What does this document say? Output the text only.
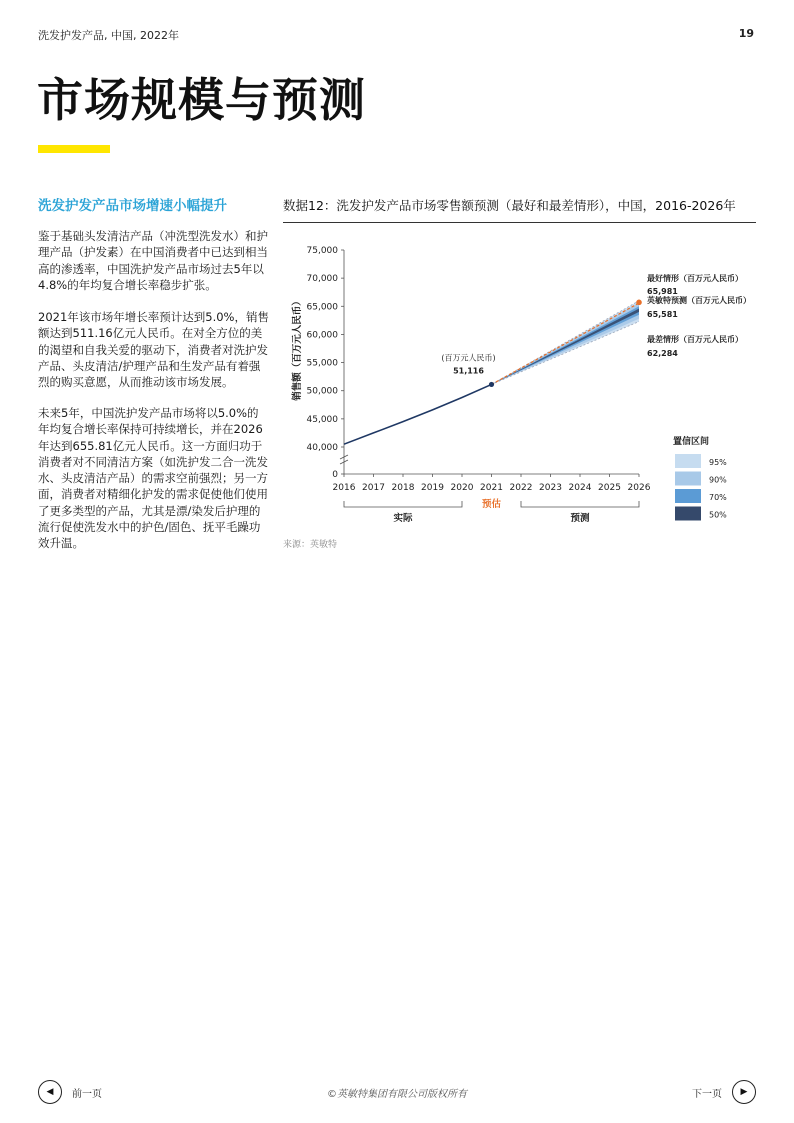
洗发护发产品, 中国, 2022年	19
市场规模与预测
洗发护发产品市场增速小幅提升

鉴于基础头发清洁产品（冲洗型洗发水）和护理产品（护发素）在中国消费者中已达到相当高的渗透率，中国洗护发产品市场过去5年以4.8%的年均复合增长率稳步扩张。

2021年该市场年增长率预计达到5.0%，销售额达到511.16亿元人民币。在对全方位的美的渴望和自我关爱的驱动下，消费者对洗护发产品、头皮清洁/护理产品和生发产品有着强烈的购买意愿，从而推动该市场发展。

未来5年，中国洗护发产品市场将以5.0%的年均复合增长率保持可持续增长，并在2026年达到655.81亿元人民币。这一方面归功于消费者对不同清洁方案（如洗护发二合一洗发水、头皮清洁产品）的需求空前强烈；另一方面，消费者对精细化护发的需求促使他们使用了更多类型的产品，尤其是漂/染发后护理的流行促使洗发水中的护色/固色、抚平毛躁功效升温。

数据12：洗发护发产品市场零售额预测（最好和最差情形），中国，2016-2026年
0
40,000
45,000
50,000
55,000
60,000
65,000
70,000
75,000
销售额（百万元人民币）
2016 2017 2018 2019 2020 2021 2022 2023 2024 2025 2026
实际
预估
预测
(百万元人民币)
51,116
最好情形（百万元人民币）
65,981
英敏特预测（百万元人民币）
65,581
最差情形（百万元人民币）
62,284
置信区间
95%
90%
70%
50%
来源：英敏特
◀	前一页	©英敏特集团有限公司版权所有	下一页	▶
